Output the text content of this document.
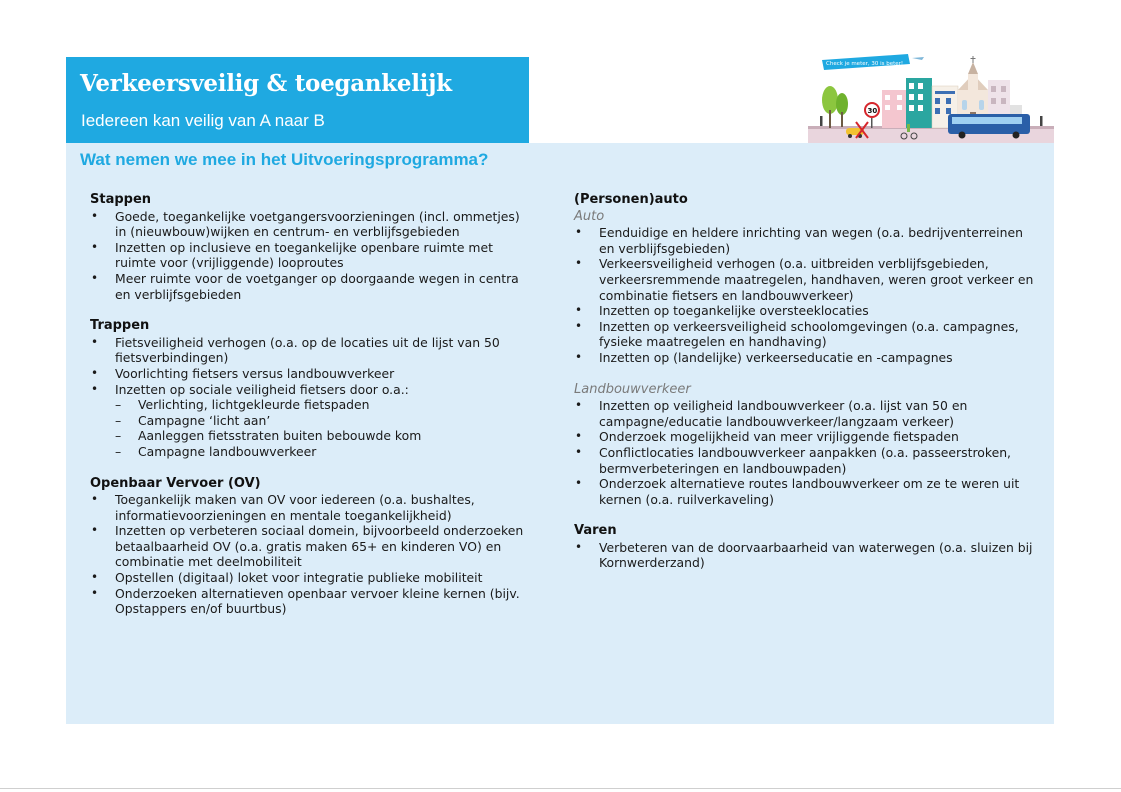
Verkeersveilig & toegankelijk
Iedereen kan veilig van A naar B
Wat nemen we mee in het Uitvoeringsprogramma?
Check je meter, 30 is beter!
30
Stappen
• Goede, toegankelijke voetgangersvoorzieningen (incl. ommetjes) in (nieuwbouw)wijken en centrum- en verblijfsgebieden
• Inzetten op inclusieve en toegankelijke openbare ruimte met ruimte voor (vrijliggende) looproutes
• Meer ruimte voor de voetganger op doorgaande wegen in centra en verblijfsgebieden
Trappen
• Fietsveiligheid verhogen (o.a. op de locaties uit de lijst van 50 fietsverbindingen)
• Voorlichting fietsers versus landbouwverkeer
• Inzetten op sociale veiligheid fietsers door o.a.:
– Verlichting, lichtgekleurde fietspaden
– Campagne ‘licht aan’
– Aanleggen fietsstraten buiten bebouwde kom
– Campagne landbouwverkeer
Openbaar Vervoer (OV)
• Toegankelijk maken van OV voor iedereen (o.a. bushaltes, informatievoorzieningen en mentale toegankelijkheid)
• Inzetten op verbeteren sociaal domein, bijvoorbeeld onderzoeken betaalbaarheid OV (o.a. gratis maken 65+ en kinderen VO) en combinatie met deelmobiliteit
• Opstellen (digitaal) loket voor integratie publieke mobiliteit
• Onderzoeken alternatieven openbaar vervoer kleine kernen (bijv. Opstappers en/of buurtbus)
(Personen)auto
Auto
• Eenduidige en heldere inrichting van wegen (o.a. bedrijventerreinen en verblijfsgebieden)
• Verkeersveiligheid verhogen (o.a. uitbreiden verblijfsgebieden, verkeersremmende maatregelen, handhaven, weren groot verkeer en combinatie fietsers en landbouwverkeer)
• Inzetten op toegankelijke oversteeklocaties
• Inzetten op verkeersveiligheid schoolomgevingen (o.a. campagnes, fysieke maatregelen en handhaving)
• Inzetten op (landelijke) verkeerseducatie en -campagnes
Landbouwverkeer
• Inzetten op veiligheid landbouwverkeer (o.a. lijst van 50 en campagne/educatie landbouwverkeer/langzaam verkeer)
• Onderzoek mogelijkheid van meer vrijliggende fietspaden
• Conflictlocaties landbouwverkeer aanpakken (o.a. passeerstroken, bermverbeteringen en landbouwpaden)
• Onderzoek alternatieve routes landbouwverkeer om ze te weren uit kernen (o.a. ruilverkaveling)
Varen
• Verbeteren van de doorvaarbaarheid van waterwegen (o.a. sluizen bij Kornwerderzand)
